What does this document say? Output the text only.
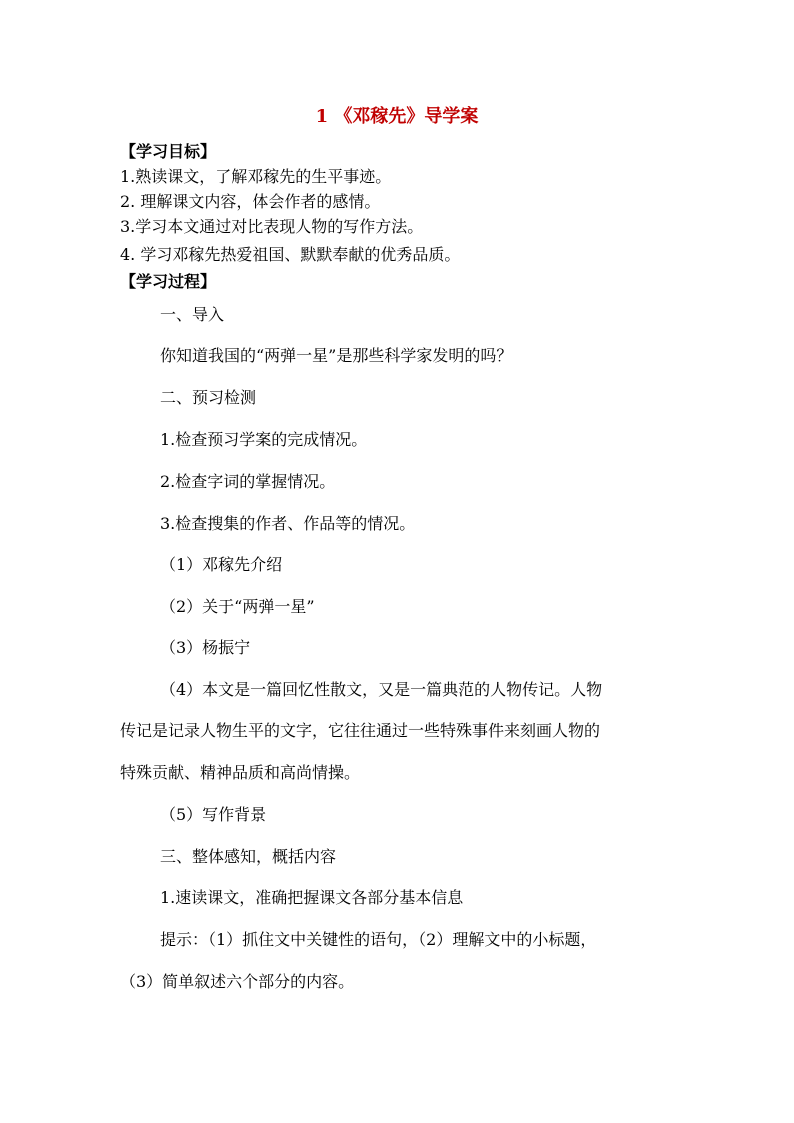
1 《邓稼先》导学案
【学习目标】
1.熟读课文，了解邓稼先的生平事迹。
2. 理解课文内容，体会作者的感情。
3.学习本文通过对比表现人物的写作方法。
4. 学习邓稼先热爱祖国、默默奉献的优秀品质。
【学习过程】
一、导入
你知道我国的“两弹一星”是那些科学家发明的吗？
二、预习检测
1.检查预习学案的完成情况。
2.检查字词的掌握情况。
3.检查搜集的作者、作品等的情况。
（1）邓稼先介绍
（2）关于“两弹一星”
（3）杨振宁
（4）本文是一篇回忆性散文，又是一篇典范的人物传记。人物
传记是记录人物生平的文字，它往往通过一些特殊事件来刻画人物的
特殊贡献、精神品质和高尚情操。
（5）写作背景
三、整体感知，概括内容
1.速读课文，准确把握课文各部分基本信息
提示：（1）抓住文中关键性的语句，（2）理解文中的小标题，
（3）简单叙述六个部分的内容。
